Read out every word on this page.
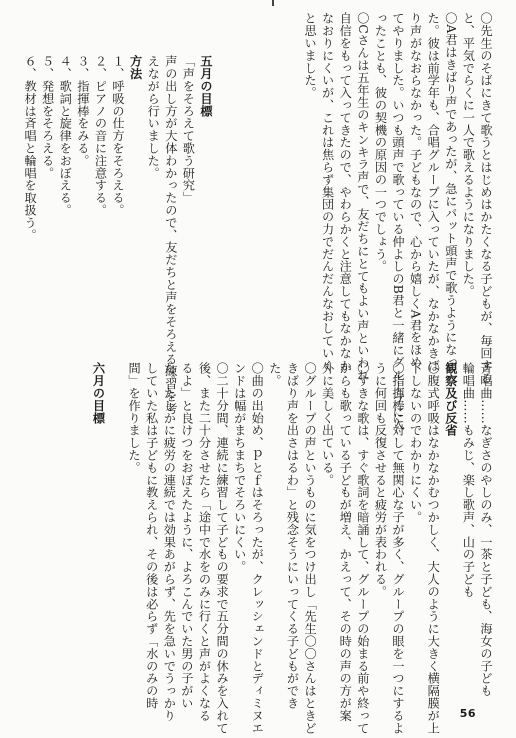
〇先生のそばにきて歌うとはじめはかたくなる子どもが、毎回する
と、平気でらくに一人で歌えるようになりました。
〇A君はきばり声であったが、急にパット頭声で歌うようになっ
た。彼は前学年も、合唱グループに入っていたが、なかなかきば
り声がなおらなかった。子どもなので、心から嬉しくA君をほめ
てやりました。いつも頭声で歌っている仲よしのB君と一緒にグループに入
ったことも、彼の契機の原因の一つでしょう。
〇Cさんは五年生のキンキラ声で、友だちにとてもよい声といわれ
自信をもって入ってきたので、やわらかくと注意してもなかなか
なおりにくいが、これは焦らず集団の力でだんだんなおしていく
と思いました。
五月の目標
「声をそろえて歌う研究」
声の出し方が大体わかったので、友だちと声をそろえる練習を考
えながら行いました。
方法
１、呼吸の仕方をそろえる。
２、ピアノの音に注意する。
３、指揮棒をみる。
４、歌詞と旋律をおぼえる。
５、発想をそろえる。
６、教材は斉唱と輪唱を取扱う。
斉唱曲……なぎさのやしのみ、一茶と子ども、海女の子ども
輪唱曲……もみじ、楽し歌声、山の子ども
観察及び反省
〇腹式呼吸はなかなかむつかしく、大人のように大きく横隔膜が上
下しないのでわかりにくい。
〇指揮棒に対して無関心な子が多く、グループの眼を一つにするよ
うに何回も反復させると疲労が表われる。
〇すきな歌は、すぐ歌詞を暗誦して、グループの始まる前や終って
からも歌っている子どもが増え、かえって、その時の声の方が案
外に美しく出ている。
〇グループの声というものに気をつけ出し「先生〇〇さんはときど
きばり声を出さはるわ」と残念そうにいってくる子どもができ
た。
〇曲の出始め、ｐとｆはそろったが、クレッシェンドとディミヌエ
ンドは幅がまちまちでそろいにくい。
〇二十分間、連続に練習して子どもの要求で五分間の休みを入れて
後、また二十分させたら「途中で水をのみに行くと声がよくなる
るよ」と良けつをおぼえたように、よろこんでいた男の子がい
た。たしかに疲労の連続では効果あがらず、先を急いでうっかり
していた私は子どもに教えられ、その後は必らず「水のみの時
間」を作りました。
六月の目標
56
